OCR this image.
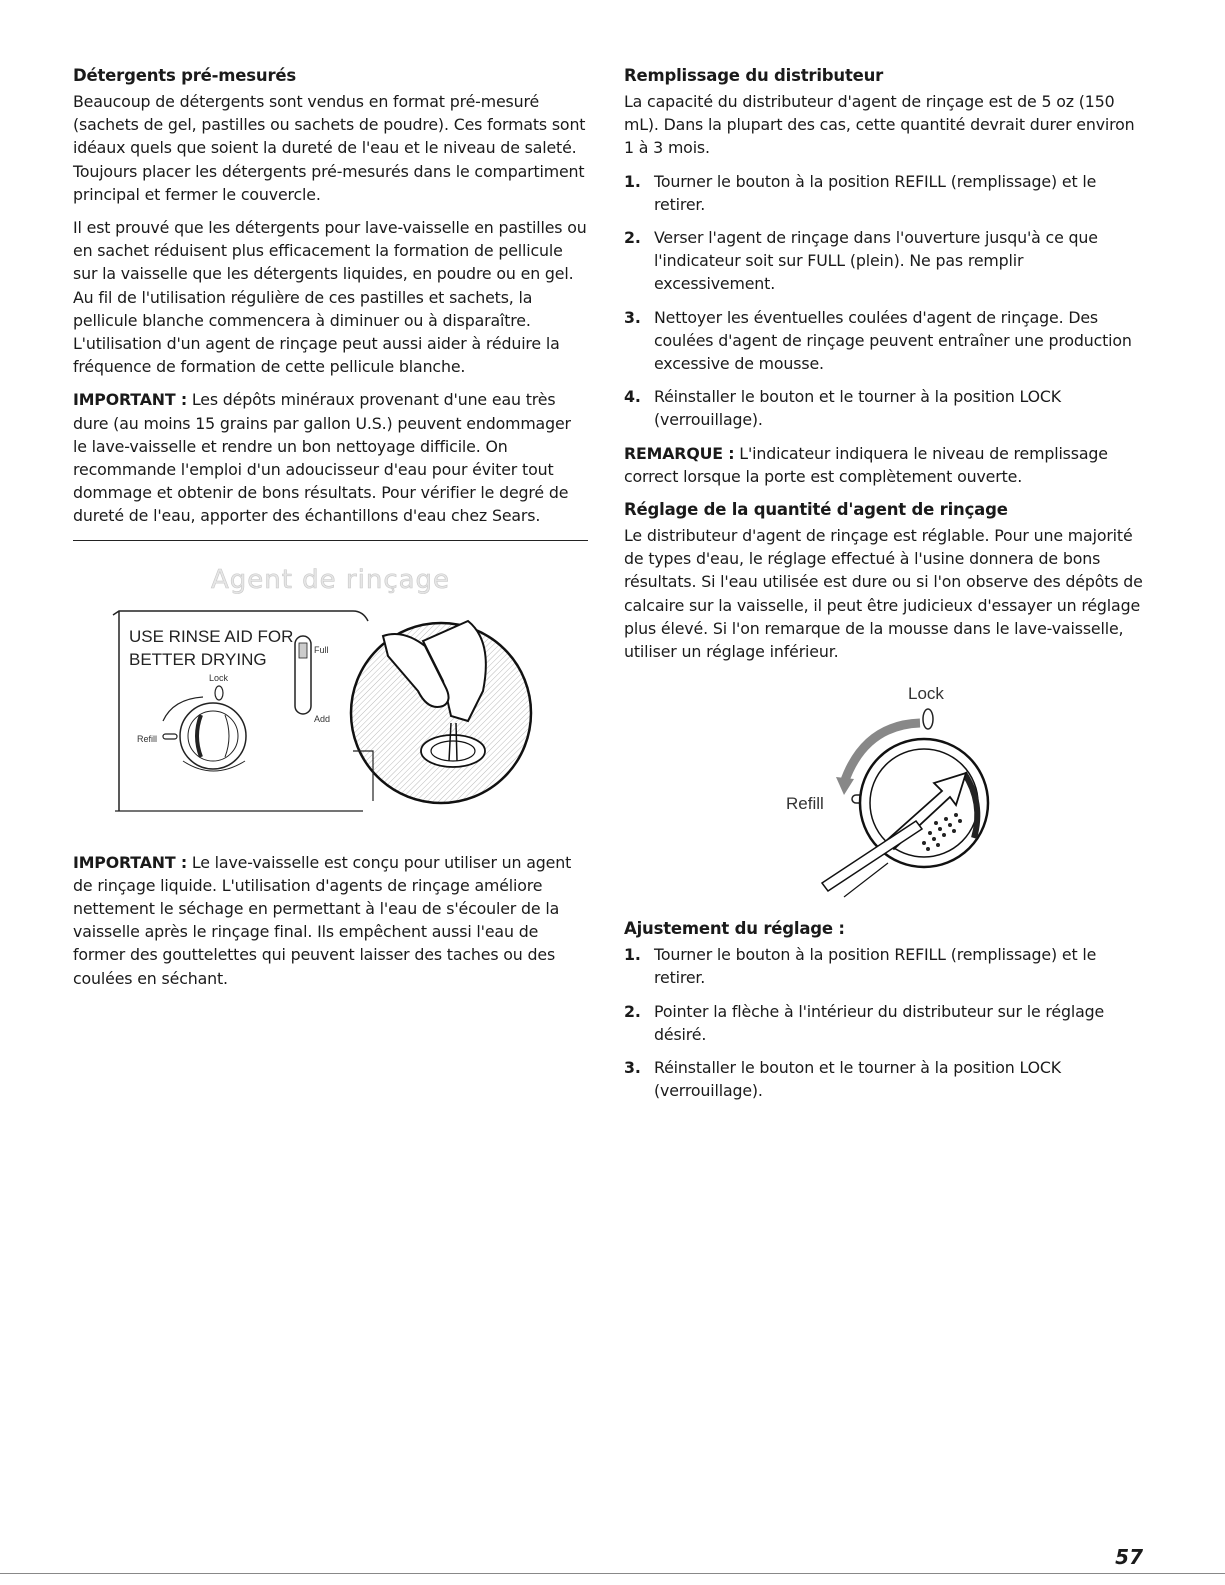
Détergents pré-mesurés

Beaucoup de détergents sont vendus en format pré-mesuré (sachets de gel, pastilles ou sachets de poudre). Ces formats sont idéaux quels que soient la dureté de l'eau et le niveau de saleté. Toujours placer les détergents pré-mesurés dans le compartiment principal et fermer le couvercle.

Il est prouvé que les détergents pour lave-vaisselle en pastilles ou en sachet réduisent plus efficacement la formation de pellicule sur la vaisselle que les détergents liquides, en poudre ou en gel. Au fil de l'utilisation régulière de ces pastilles et sachets, la pellicule blanche commencera à diminuer ou à disparaître. L'utilisation d'un agent de rinçage peut aussi aider à réduire la fréquence de formation de cette pellicule blanche.

IMPORTANT : Les dépôts minéraux provenant d'une eau très dure (au moins 15 grains par gallon U.S.) peuvent endommager le lave-vaisselle et rendre un bon nettoyage difficile. On recommande l'emploi d'un adoucisseur d'eau pour éviter tout dommage et obtenir de bons résultats. Pour vérifier le degré de dureté de l'eau, apporter des échantillons d'eau chez Sears.

Agent de rinçage
USE RINSE AID FOR
BETTER DRYING
Lock
Refill
Full
Add

IMPORTANT : Le lave-vaisselle est conçu pour utiliser un agent de rinçage liquide. L'utilisation d'agents de rinçage améliore nettement le séchage en permettant à l'eau de s'écouler de la vaisselle après le rinçage final. Ils empêchent aussi l'eau de former des gouttelettes qui peuvent laisser des taches ou des coulées en séchant.

Remplissage du distributeur

La capacité du distributeur d'agent de rinçage est de 5 oz (150 mL). Dans la plupart des cas, cette quantité devrait durer environ 1 à 3 mois.

1. Tourner le bouton à la position REFILL (remplissage) et le retirer.
2. Verser l'agent de rinçage dans l'ouverture jusqu'à ce que l'indicateur soit sur FULL (plein). Ne pas remplir excessivement.
3. Nettoyer les éventuelles coulées d'agent de rinçage. Des coulées d'agent de rinçage peuvent entraîner une production excessive de mousse.
4. Réinstaller le bouton et le tourner à la position LOCK (verrouillage).

REMARQUE : L'indicateur indiquera le niveau de remplissage correct lorsque la porte est complètement ouverte.

Réglage de la quantité d'agent de rinçage

Le distributeur d'agent de rinçage est réglable. Pour une majorité de types d'eau, le réglage effectué à l'usine donnera de bons résultats. Si l'eau utilisée est dure ou si l'on observe des dépôts de calcaire sur la vaisselle, il peut être judicieux d'essayer un réglage plus élevé. Si l'on remarque de la mousse dans le lave-vaisselle, utiliser un réglage inférieur.

Lock
Refill
Ajustement du réglage :
1. Tourner le bouton à la position REFILL (remplissage) et le retirer.
2. Pointer la flèche à l'intérieur du distributeur sur le réglage désiré.
3. Réinstaller le bouton et le tourner à la position LOCK (verrouillage).
57
